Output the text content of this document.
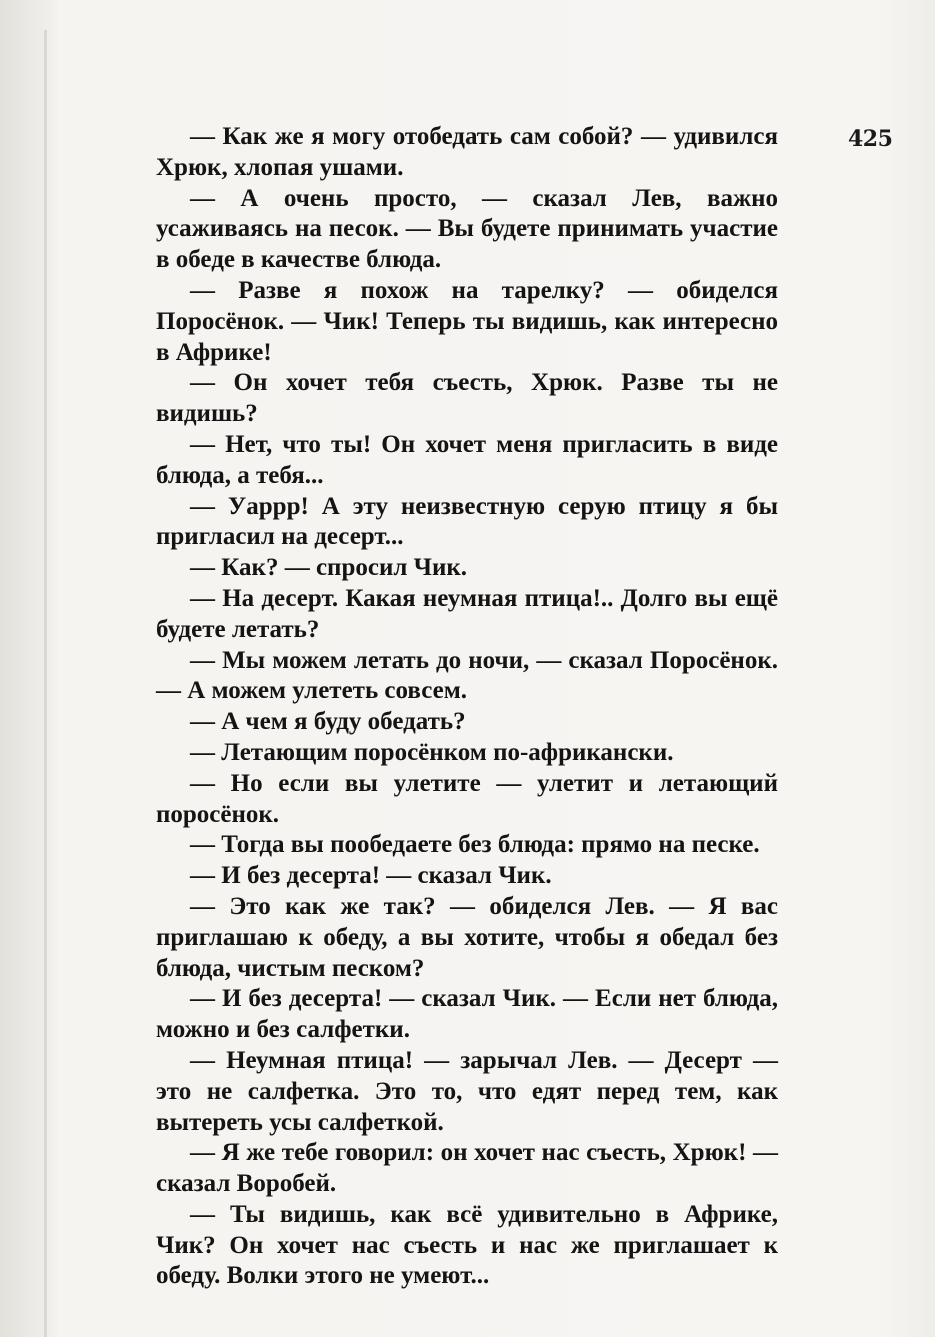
425

— Как же я могу отобедать сам собой? — удивился Хрюк, хлопая ушами.

— А очень просто, — сказал Лев, важно усаживаясь на песок. — Вы будете принимать участие в обеде в качестве блюда.

— Разве я похож на тарелку? — обиделся Поросёнок. — Чик! Теперь ты видишь, как интересно в Африке!

— Он хочет тебя съесть, Хрюк. Разве ты не видишь?

— Нет, что ты! Он хочет меня пригласить в виде блюда, а тебя...

— Уаррр! А эту неизвестную серую птицу я бы пригласил на десерт...

— Как? — спросил Чик.

— На десерт. Какая неумная птица!.. Долго вы ещё будете летать?

— Мы можем летать до ночи, — сказал Поросёнок. — А можем улететь совсем.

— А чем я буду обедать?

— Летающим поросёнком по-африкански.

— Но если вы улетите — улетит и летающий поросёнок.

— Тогда вы пообедаете без блюда: прямо на песке.

— И без десерта! — сказал Чик.

— Это как же так? — обиделся Лев. — Я вас приглашаю к обеду, а вы хотите, чтобы я обедал без блюда, чистым песком?

— И без десерта! — сказал Чик. — Если нет блюда, можно и без салфетки.

— Неумная птица! — зарычал Лев. — Десерт — это не салфетка. Это то, что едят перед тем, как вытереть усы салфеткой.

— Я же тебе говорил: он хочет нас съесть, Хрюк! — сказал Воробей.

— Ты видишь, как всё удивительно в Африке, Чик? Он хочет нас съесть и нас же приглашает к обеду. Волки этого не умеют...
